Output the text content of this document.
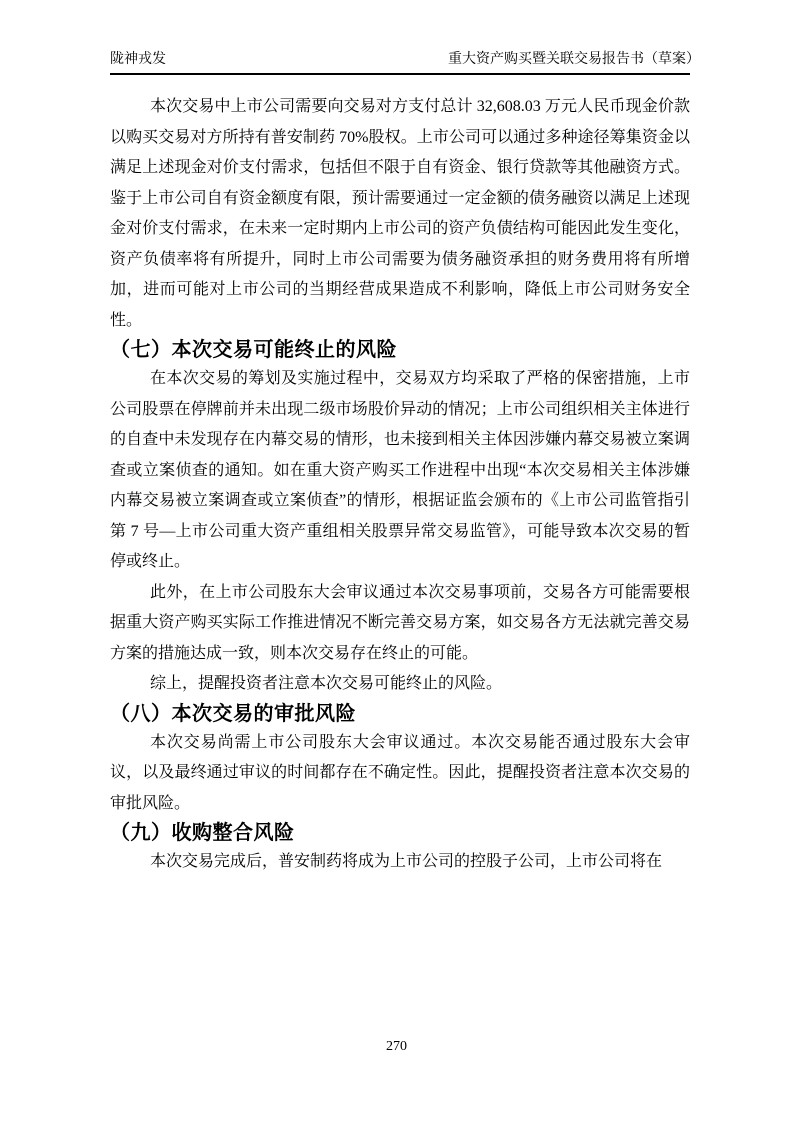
陇神戎发	重大资产购买暨关联交易报告书（草案）

本次交易中上市公司需要向交易对方支付总计 32,608.03 万元人民币现金价款以购买交易对方所持有普安制药 70%股权。上市公司可以通过多种途径筹集资金以满足上述现金对价支付需求，包括但不限于自有资金、银行贷款等其他融资方式。鉴于上市公司自有资金额度有限，预计需要通过一定金额的债务融资以满足上述现金对价支付需求，在未来一定时期内上市公司的资产负债结构可能因此发生变化，资产负债率将有所提升，同时上市公司需要为债务融资承担的财务费用将有所增加，进而可能对上市公司的当期经营成果造成不利影响，降低上市公司财务安全性。

（七）本次交易可能终止的风险

在本次交易的筹划及实施过程中，交易双方均采取了严格的保密措施，上市公司股票在停牌前并未出现二级市场股价异动的情况；上市公司组织相关主体进行的自查中未发现存在内幕交易的情形，也未接到相关主体因涉嫌内幕交易被立案调查或立案侦查的通知。如在重大资产购买工作进程中出现“本次交易相关主体涉嫌内幕交易被立案调查或立案侦查”的情形，根据证监会颁布的《上市公司监管指引第 7 号—上市公司重大资产重组相关股票异常交易监管》，可能导致本次交易的暂停或终止。

此外，在上市公司股东大会审议通过本次交易事项前，交易各方可能需要根据重大资产购买实际工作推进情况不断完善交易方案，如交易各方无法就完善交易方案的措施达成一致，则本次交易存在终止的可能。

综上，提醒投资者注意本次交易可能终止的风险。

（八）本次交易的审批风险

本次交易尚需上市公司股东大会审议通过。本次交易能否通过股东大会审议，以及最终通过审议的时间都存在不确定性。因此，提醒投资者注意本次交易的审批风险。

（九）收购整合风险

本次交易完成后，普安制药将成为上市公司的控股子公司，上市公司将在

270
